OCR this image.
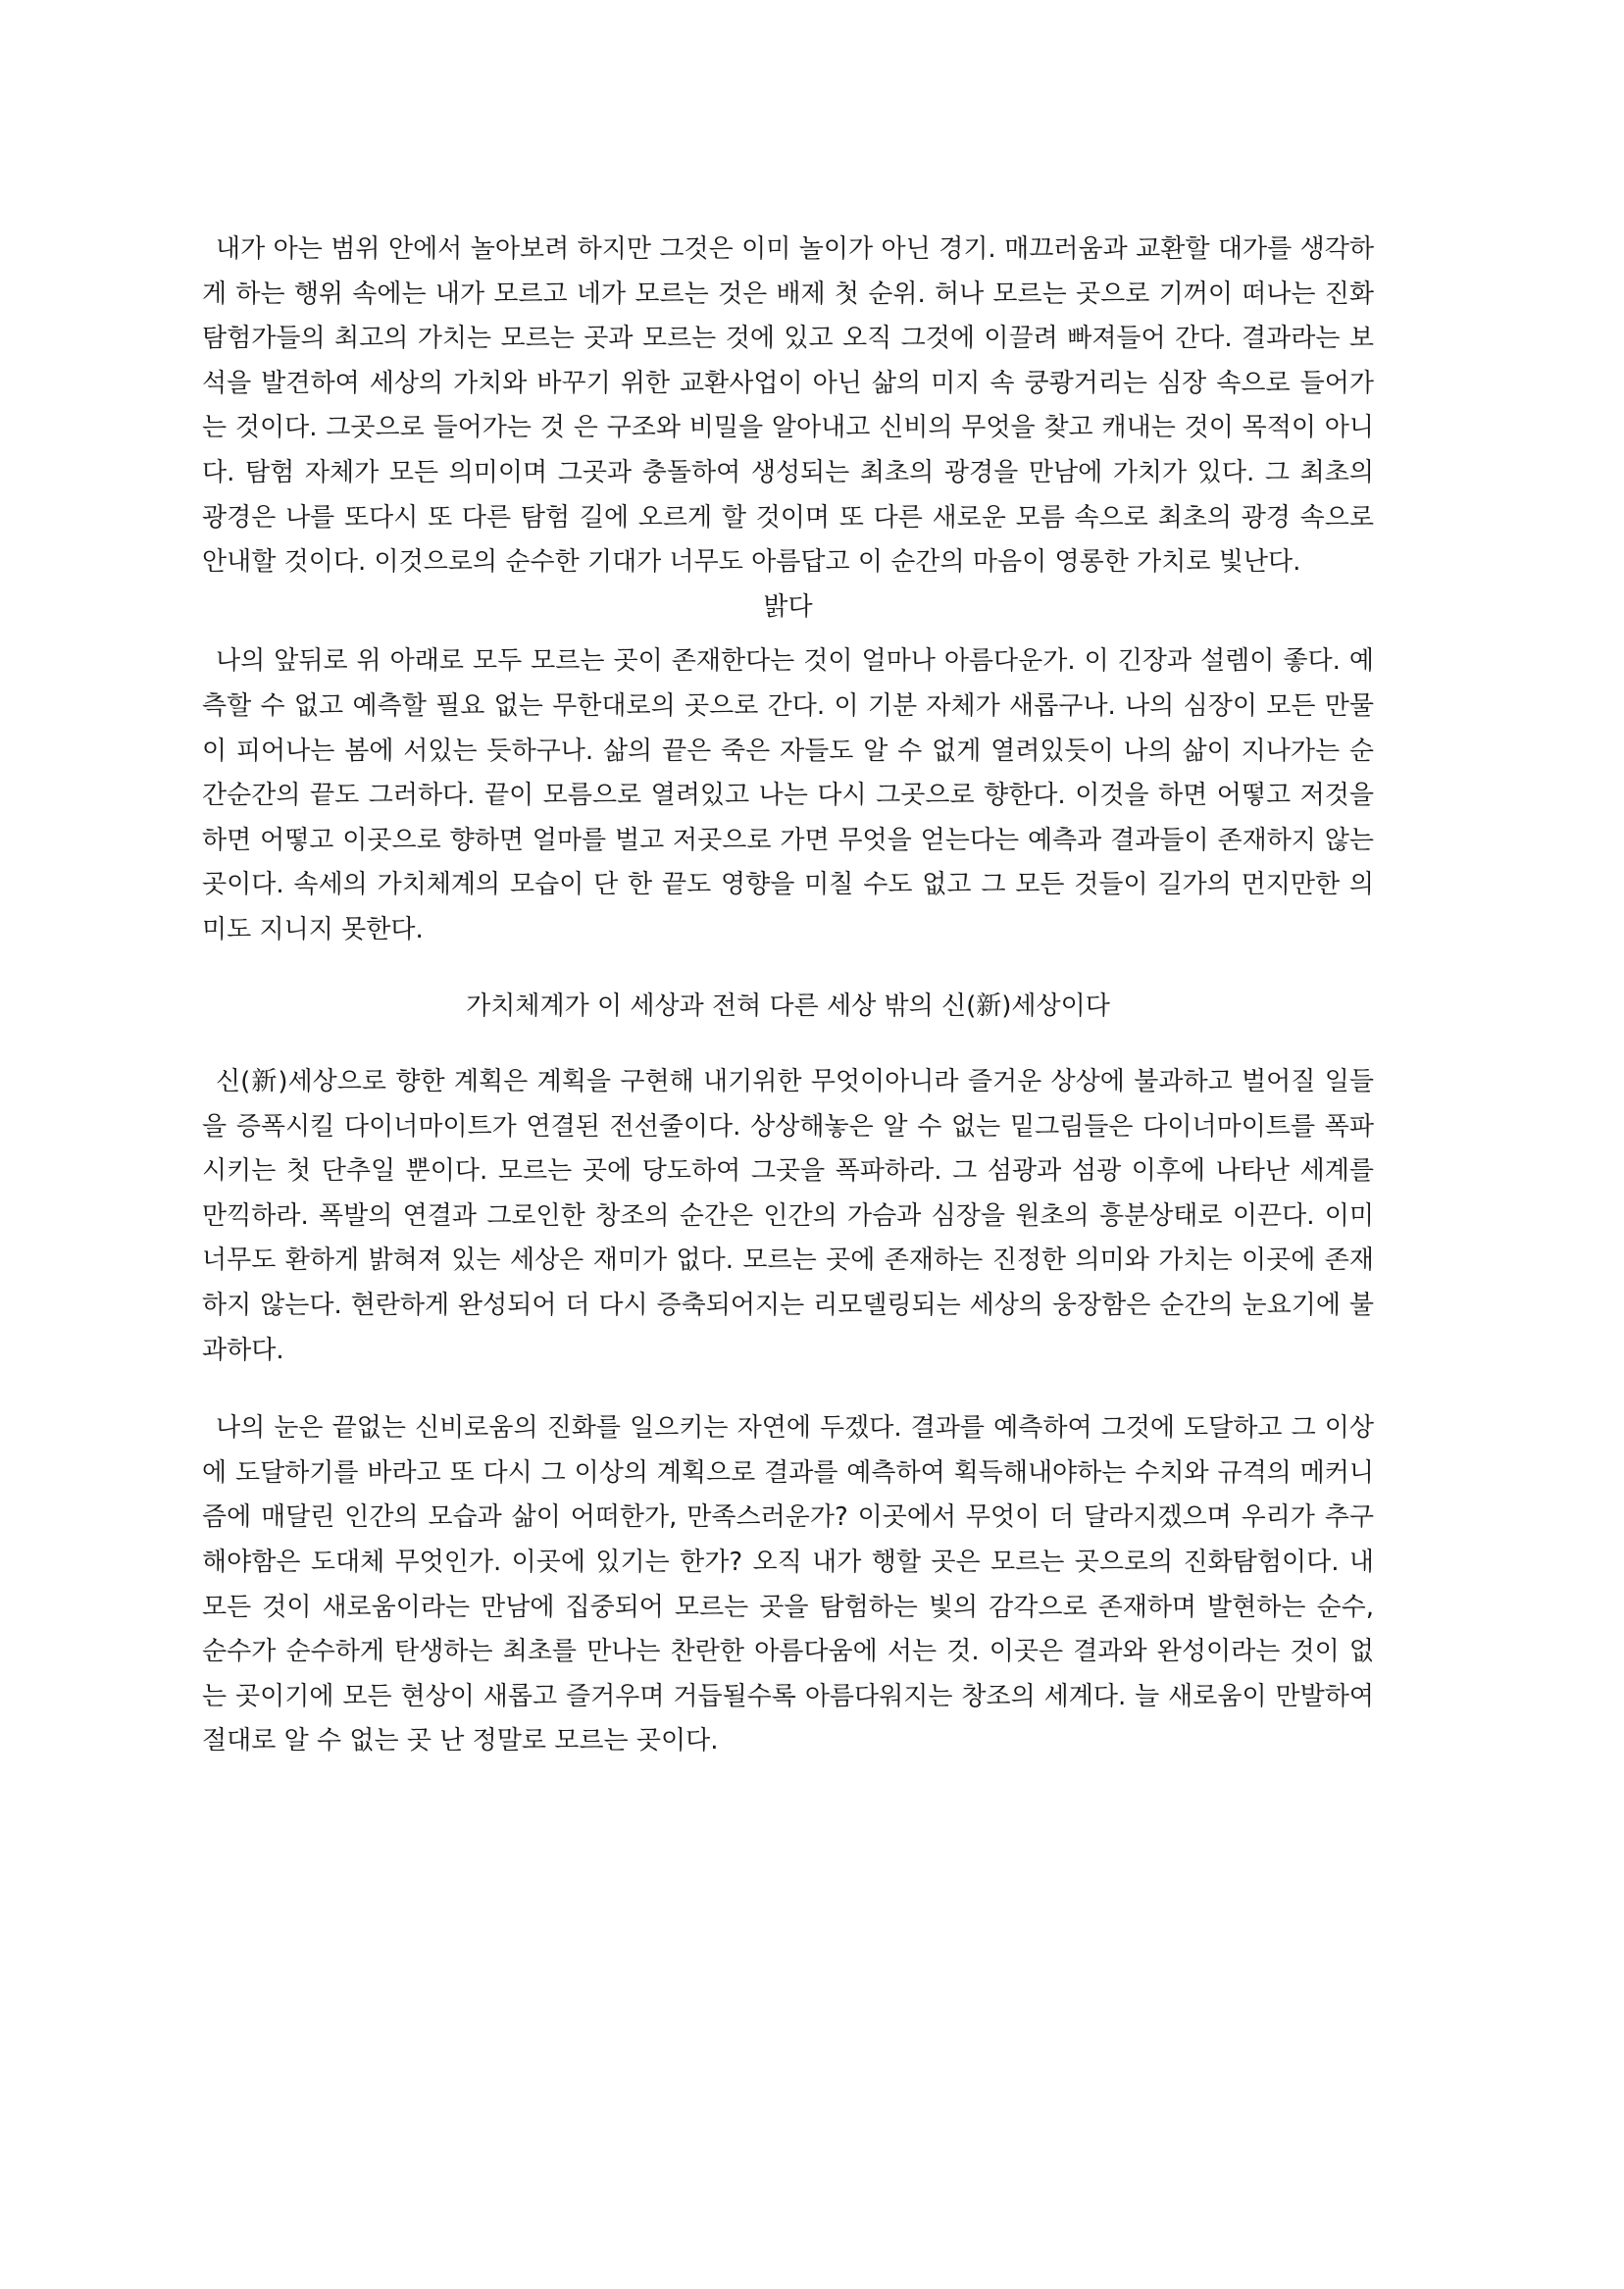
내가 아는 범위 안에서 놀아보려 하지만 그것은 이미 놀이가 아닌 경기. 매끄러움과 교환할 대가를 생각하게 하는 행위 속에는 내가 모르고 네가 모르는 것은 배제 첫 순위. 허나 모르는 곳으로 기꺼이 떠나는 진화 탐험가들의 최고의 가치는 모르는 곳과 모르는 것에 있고 오직 그것에 이끌려 빠져들어 간다. 결과라는 보석을 발견하여 세상의 가치와 바꾸기 위한 교환사업이 아닌 삶의 미지 속 쿵쾅거리는 심장 속으로 들어가는 것이다. 그곳으로 들어가는 것 은 구조와 비밀을 알아내고 신비의 무엇을 찾고 캐내는 것이 목적이 아니다. 탐험 자체가 모든 의미이며 그곳과 충돌하여 생성되는 최초의 광경을 만남에 가치가 있다. 그 최초의 광경은 나를 또다시 또 다른 탐험 길에 오르게 할 것이며 또 다른 새로운 모름 속으로 최초의 광경 속으로 안내할 것이다. 이것으로의 순수한 기대가 너무도 아름답고 이 순간의 마음이 영롱한 가치로 빛난다.

밝다

나의 앞뒤로 위 아래로 모두 모르는 곳이 존재한다는 것이 얼마나 아름다운가. 이 긴장과 설렘이 좋다. 예측할 수 없고 예측할 필요 없는 무한대로의 곳으로 간다. 이 기분 자체가 새롭구나. 나의 심장이 모든 만물이 피어나는 봄에 서있는 듯하구나. 삶의 끝은 죽은 자들도 알 수 없게 열려있듯이 나의 삶이 지나가는 순간순간의 끝도 그러하다. 끝이 모름으로 열려있고 나는 다시 그곳으로 향한다. 이것을 하면 어떻고 저것을 하면 어떻고 이곳으로 향하면 얼마를 벌고 저곳으로 가면 무엇을 얻는다는 예측과 결과들이 존재하지 않는 곳이다. 속세의 가치체계의 모습이 단 한 끝도 영향을 미칠 수도 없고 그 모든 것들이 길가의 먼지만한 의미도 지니지 못한다.

가치체계가 이 세상과 전혀 다른 세상 밖의 신(新)세상이다

신(新)세상으로 향한 계획은 계획을 구현해 내기위한 무엇이아니라 즐거운 상상에 불과하고 벌어질 일들을 증폭시킬 다이너마이트가 연결된 전선줄이다. 상상해놓은 알 수 없는 밑그림들은 다이너마이트를 폭파시키는 첫 단추일 뿐이다. 모르는 곳에 당도하여 그곳을 폭파하라. 그 섬광과 섬광 이후에 나타난 세계를 만끽하라. 폭발의 연결과 그로인한 창조의 순간은 인간의 가슴과 심장을 원초의 흥분상태로 이끈다. 이미 너무도 환하게 밝혀져 있는 세상은 재미가 없다. 모르는 곳에 존재하는 진정한 의미와 가치는 이곳에 존재하지 않는다. 현란하게 완성되어 더 다시 증축되어지는 리모델링되는 세상의 웅장함은 순간의 눈요기에 불과하다.

나의 눈은 끝없는 신비로움의 진화를 일으키는 자연에 두겠다. 결과를 예측하여 그것에 도달하고 그 이상에 도달하기를 바라고 또 다시 그 이상의 계획으로 결과를 예측하여 획득해내야하는 수치와 규격의 메커니즘에 매달린 인간의 모습과 삶이 어떠한가, 만족스러운가? 이곳에서 무엇이 더 달라지겠으며 우리가 추구해야함은 도대체 무엇인가. 이곳에 있기는 한가? 오직 내가 행할 곳은 모르는 곳으로의 진화탐험이다. 내 모든 것이 새로움이라는 만남에 집중되어 모르는 곳을 탐험하는 빛의 감각으로 존재하며 발현하는 순수, 순수가 순수하게 탄생하는 최초를 만나는 찬란한 아름다움에 서는 것. 이곳은 결과와 완성이라는 것이 없는 곳이기에 모든 현상이 새롭고 즐거우며 거듭될수록 아름다워지는 창조의 세계다. 늘 새로움이 만발하여 절대로 알 수 없는 곳 난 정말로 모르는 곳이다.
